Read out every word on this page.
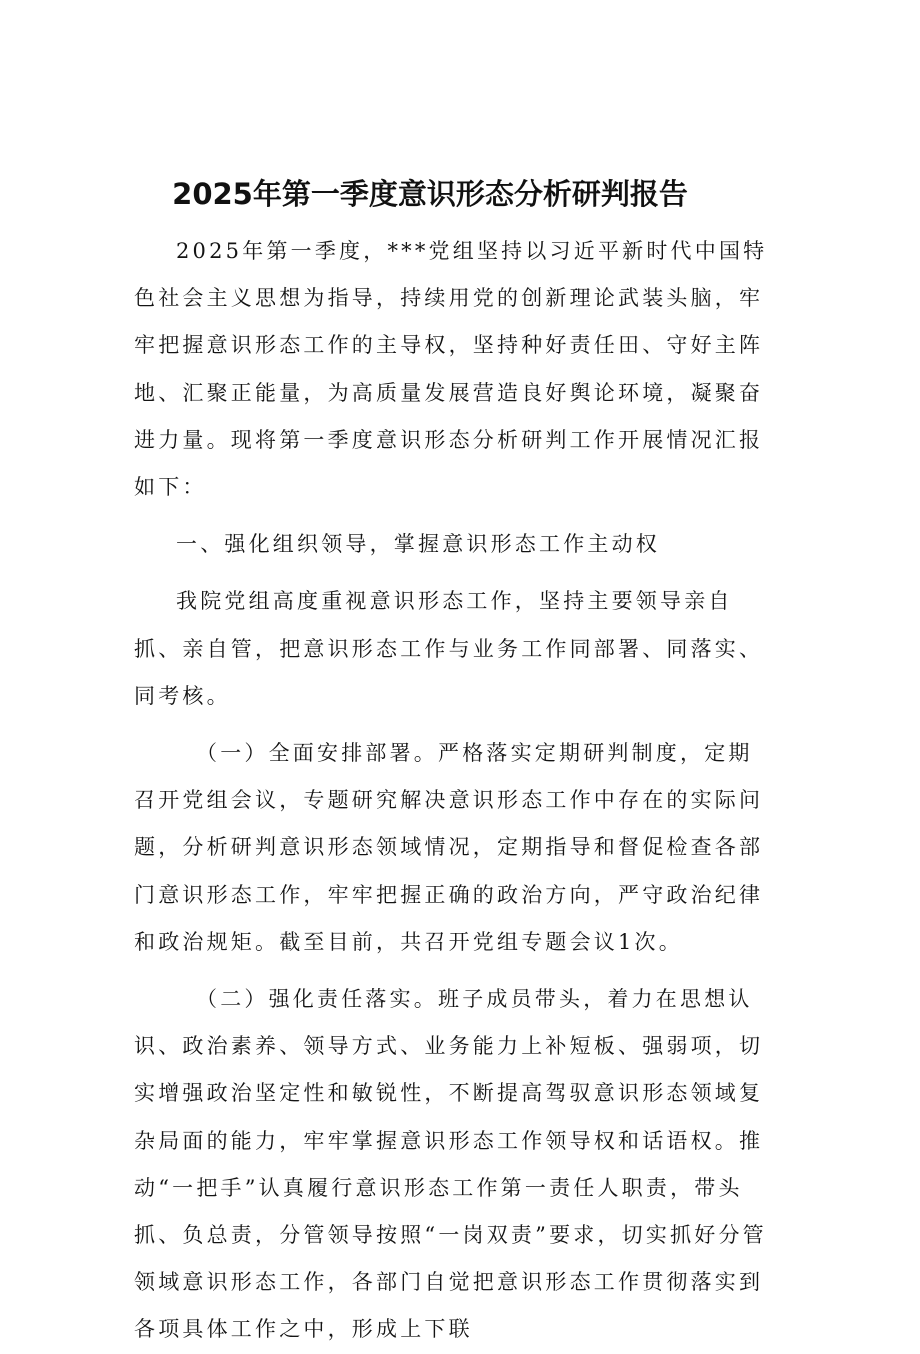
2025年第一季度意识形态分析研判报告

2025年第一季度，***党组坚持以习近平新时代中国特色社会主义思想为指导，持续用党的创新理论武装头脑，牢牢把握意识形态工作的主导权，坚持种好责任田、守好主阵地、汇聚正能量，为高质量发展营造良好舆论环境，凝聚奋进力量。现将第一季度意识形态分析研判工作开展情况汇报如下：

一、强化组织领导，掌握意识形态工作主动权

我院党组高度重视意识形态工作，坚持主要领导亲自抓、亲自管，把意识形态工作与业务工作同部署、同落实、同考核。

（一）全面安排部署。严格落实定期研判制度，定期召开党组会议，专题研究解决意识形态工作中存在的实际问题，分析研判意识形态领域情况，定期指导和督促检查各部门意识形态工作，牢牢把握正确的政治方向，严守政治纪律和政治规矩。截至目前，共召开党组专题会议1次。

（二）强化责任落实。班子成员带头，着力在思想认识、政治素养、领导方式、业务能力上补短板、强弱项，切实增强政治坚定性和敏锐性，不断提高驾驭意识形态领域复杂局面的能力，牢牢掌握意识形态工作领导权和话语权。推动“一把手”认真履行意识形态工作第一责任人职责，带头抓、负总责，分管领导按照“一岗双责”要求，切实抓好分管领域意识形态工作，各部门自觉把意识形态工作贯彻落实到各项具体工作之中，形成上下联
